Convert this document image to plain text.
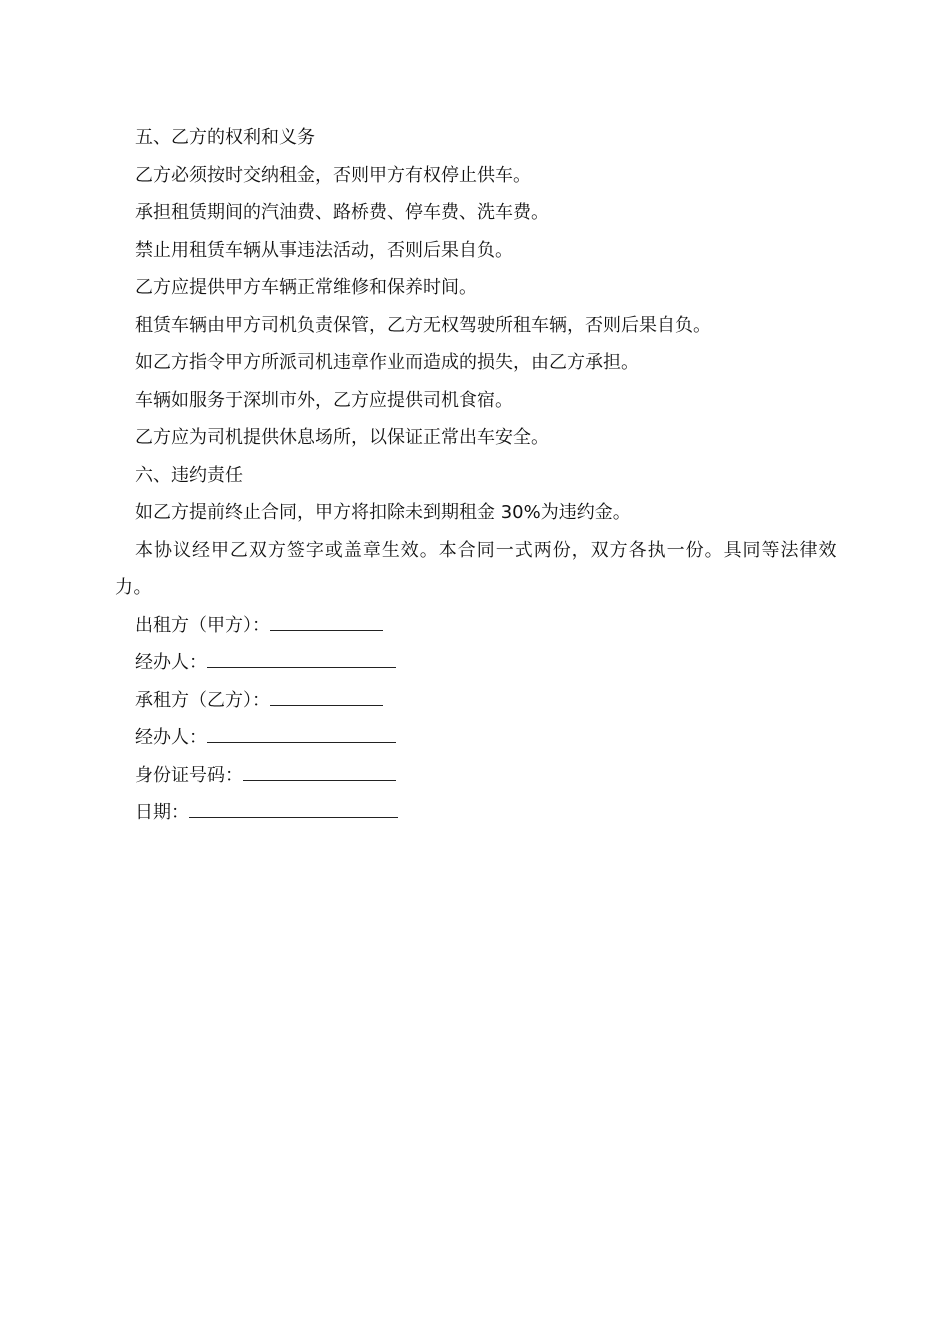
五、乙方的权利和义务

乙方必须按时交纳租金，否则甲方有权停止供车。

承担租赁期间的汽油费、路桥费、停车费、洗车费。

禁止用租赁车辆从事违法活动，否则后果自负。

乙方应提供甲方车辆正常维修和保养时间。

租赁车辆由甲方司机负责保管，乙方无权驾驶所租车辆，否则后果自负。

如乙方指令甲方所派司机违章作业而造成的损失，由乙方承担。

车辆如服务于深圳市外，乙方应提供司机食宿。

乙方应为司机提供休息场所，以保证正常出车安全。

六、违约责任

如乙方提前终止合同，甲方将扣除未到期租金 30%为违约金。

本协议经甲乙双方签字或盖章生效。本合同一式两份，双方各执一份。具同等法律效力。

出租方（甲方）：
经办人：
承租方（乙方）：
经办人：
身份证号码：
日期：
